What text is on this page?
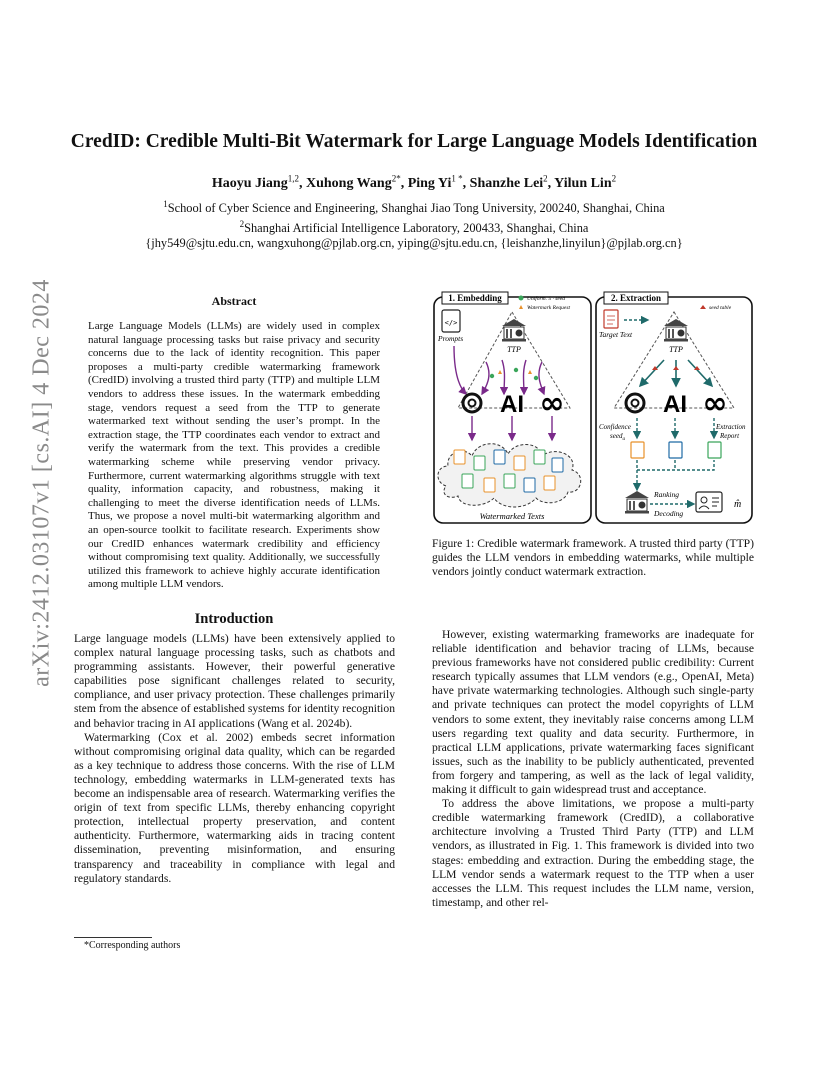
arXiv:2412.03107v1 [cs.AI] 4 Dec 2024
CredID: Credible Multi-Bit Watermark for Large Language Models Identification
Haoyu Jiang$^{1,2}$, Xuhong Wang$^{2*}$, Ping $Yi^{1 *}$, Shanzhe Lei$^2$, Yilun Lin$^2$
$^1$School of Cyber Science and Engineering, Shanghai Jiao Tong University, 200240, Shanghai, China
$^2$Shanghai Artificial Intelligence Laboratory, 200433, Shanghai, China
{jhy549@sjtu.edu.cn, wangxuhong@pjlab.org.cn, yiping@sjtu.edu.cn, {leishanzhe,linyilun}@pjlab.org.cn}
Abstract

Large Language Models (LLMs) are widely used in complex natural language processing tasks but raise privacy and security concerns due to the lack of identity recognition. This paper proposes a multi-party credible watermarking framework (CredID) involving a trusted third party (TTP) and multiple LLM vendors to address these issues. In the watermark embedding stage, vendors request a seed from the TTP to generate watermarked text without sending the user’s prompt. In the extraction stage, the TTP coordinates each vendor to extract and verify the watermark from the text. This provides a credible watermarking scheme while preserving vendor privacy. Furthermore, current watermarking algorithms struggle with text quality, information capacity, and robustness, making it challenging to meet the diverse identification needs of LLMs. Thus, we propose a novel multi-bit watermarking algorithm and an open-source toolkit to facilitate research. Experiments show our CredID enhances watermark credibility and efficiency without compromising text quality. Additionally, we successfully utilized this framework to achieve highly accurate identification among multiple LLM vendors.

Introduction

Large language models (LLMs) have been extensively applied to complex natural language processing tasks, such as chatbots and programming assistants. However, their powerful generative capabilities pose significant challenges related to security, compliance, and user privacy protection. These challenges primarily stem from the absence of established systems for identity recognition and behavior tracing in AI applications (Wang et al. 2024b).

Watermarking (Cox et al. 2002) embeds secret information without compromising original data quality, which can be regarded as a key technique to address those concerns. With the rise of LLM technology, embedding watermarks in LLM-generated texts has become an indispensable area of research. Watermarking verifies the origin of text from specific LLMs, thereby enhancing copyright protection, intellectual property preservation, and content authenticity. Furthermore, watermarking aids in tracing content dissemination, preventing misinformation, and ensuring transparency and traceability in compliance with legal and regulatory standards.

*Corresponding authors
1. Embedding	Uniform. 5 · seed
Watermark Request
</>
Prompts
TTP
AI ∞
Watermarked Texts
2. Extraction
seed table
Target Text
TTP
AI ∞
Confidence
seed$_a$
Extraction
Report
Ranking
Decoding
m̂

Figure 1: Credible watermark framework. A trusted third party (TTP) guides the LLM vendors in embedding watermarks, while multiple vendors jointly conduct watermark extraction.

However, existing watermarking frameworks are inadequate for reliable identification and behavior tracing of LLMs, because previous frameworks have not considered public credibility: Current research typically assumes that LLM vendors (e.g., OpenAI, Meta) have private watermarking technologies. Although such single-party and private techniques can protect the model copyrights of LLM vendors to some extent, they inevitably raise concerns among LLM users regarding text quality and data security. Furthermore, in practical LLM applications, private watermarking faces significant issues, such as the inability to be publicly authenticated, prevented from forgery and tampering, as well as the lack of legal validity, making it difficult to gain widespread trust and acceptance.

To address the above limitations, we propose a multi-party credible watermarking framework (CredID), a collaborative architecture involving a Trusted Third Party (TTP) and LLM vendors, as illustrated in Fig. 1. This framework is divided into two stages: embedding and extraction. During the embedding stage, the LLM vendor sends a watermark request to the TTP when a user accesses the LLM. This request includes the LLM name, version, timestamp, and other rel-
